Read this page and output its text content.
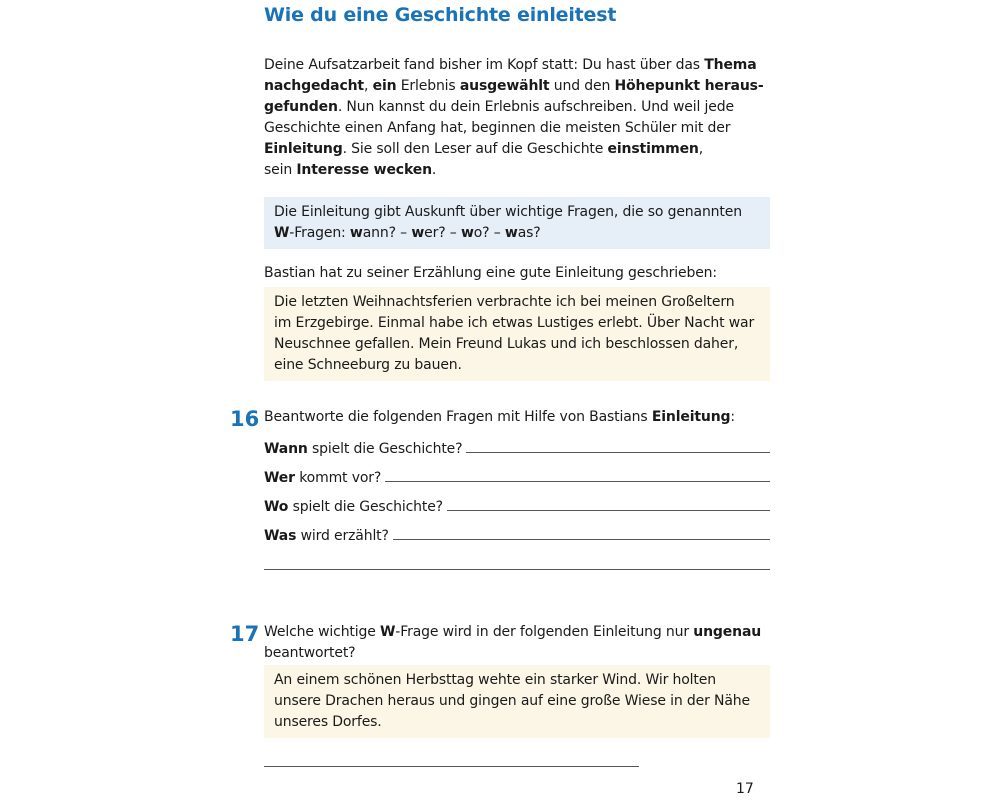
Wie du eine Geschichte einleitest
Deine Aufsatzarbeit fand bisher im Kopf statt: Du hast über das Thema nachgedacht, ein Erlebnis ausgewählt und den Höhepunkt herausgefunden. Nun kannst du dein Erlebnis aufschreiben. Und weil jede Geschichte einen Anfang hat, beginnen die meisten Schüler mit der Einleitung. Sie soll den Leser auf die Geschichte einstimmen,
sein Interesse wecken.
Die Einleitung gibt Auskunft über wichtige Fragen, die so genannten W-Fragen: wann? – wer? – wo? – was?
Bastian hat zu seiner Erzählung eine gute Einleitung geschrieben:
Die letzten Weihnachtsferien verbrachte ich bei meinen Großeltern
im Erzgebirge. Einmal habe ich etwas Lustiges erlebt. Über Nacht war
Neuschnee gefallen. Mein Freund Lukas und ich beschlossen daher,
eine Schneeburg zu bauen.
16 Beantworte die folgenden Fragen mit Hilfe von Bastians Einleitung:
Wann spielt die Geschichte?
Wer kommt vor?
Wo spielt die Geschichte?
Was wird erzählt?
17 Welche wichtige W-Frage wird in der folgenden Einleitung nur ungenau
beantwortet?
An einem schönen Herbsttag wehte ein starker Wind. Wir holten
unsere Drachen heraus und gingen auf eine große Wiese in der Nähe
unseres Dorfes.
17
